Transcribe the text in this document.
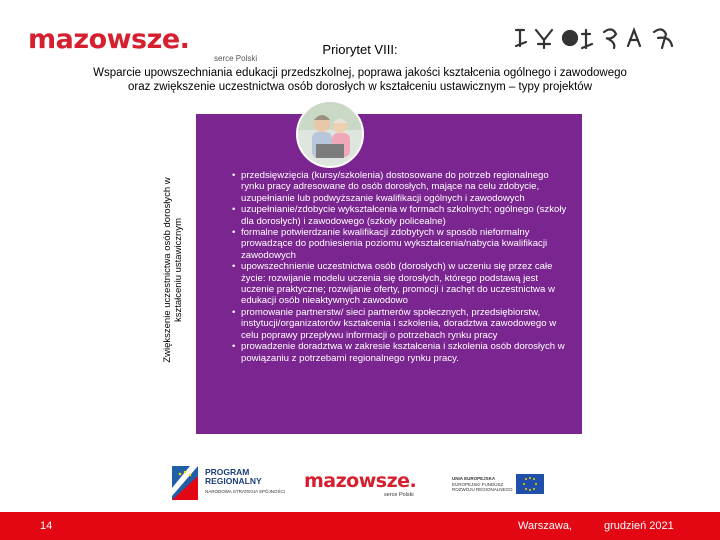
mazowsze.
serce Polski
Priorytet VIII:
Wsparcie upowszechniania edukacji przedszkolnej, poprawa jakości kształcenia ogólnego i zawodowego
oraz zwiększenie uczestnictwa osób dorosłych w kształceniu ustawicznym – typy projektów
Zwiększenie uczestnictwa osób dorosłych w kształceniu ustawicznym
• przedsięwzięcia (kursy/szkolenia) dostosowane do potrzeb regionalnego rynku pracy adresowane do osób dorosłych, mające na celu zdobycie, uzupełnianie lub podwyższanie kwalifikacji ogólnych i zawodowych
• uzupełnianie/zdobycie wykształcenia w formach szkolnych; ogólnego (szkoły dla dorosłych) i zawodowego (szkoły policealne)
• formalne potwierdzanie kwalifikacji zdobytych w sposób nieformalny prowadzące do podniesienia poziomu wykształcenia/nabycia kwalifikacji zawodowych
• upowszechnienie uczestnictwa osób (dorosłych) w uczeniu się przez całe życie: rozwijanie modelu uczenia się dorosłych, którego podstawą jest uczenie praktyczne; rozwijanie oferty, promocji i zachęt do uczestnictwa w edukacji osób nieaktywnych zawodowo
• promowanie partnerstw/ sieci partnerów społecznych, przedsiębiorstw, instytucji/organizatorów kształcenia i szkolenia, doradztwa zawodowego w celu poprawy przepływu informacji o potrzebach rynku pracy
• prowadzenie doradztwa w zakresie kształcenia i szkolenia osób dorosłych w powiązaniu z potrzebami regionalnego rynku pracy.
PROGRAM
REGIONALNY
NARODOWA STRATEGIA SPÓJNOŚCI mazowsze.
serce Polski
UNIA EUROPEJSKA
EUROPEJSKI FUNDUSZ
ROZWOJU REGIONALNEGO
14	Warszawa,	grudzień 2021
